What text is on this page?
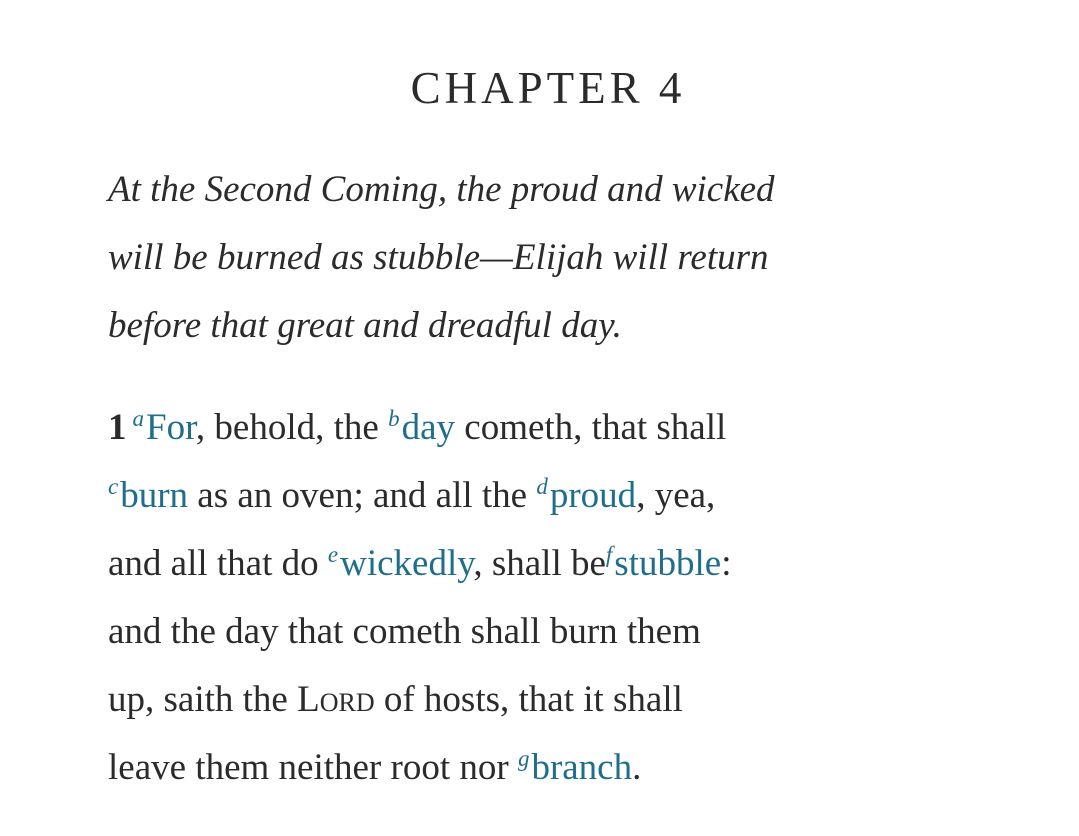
CHAPTER 4

At the Second Coming, the proud and wicked
will be burned as stubble—Elijah will return
before that great and dreadful day.

1 $^a$For, behold, the $^b$day cometh, that shall
$^c$burn as an oven; and all the $^d$proud, yea,
and all that do $^e$wickedly, shall be$^f$stubble:
and the day that cometh shall burn them
up, saith the Lord of hosts, that it shall
leave them neither root nor $^g$branch.
